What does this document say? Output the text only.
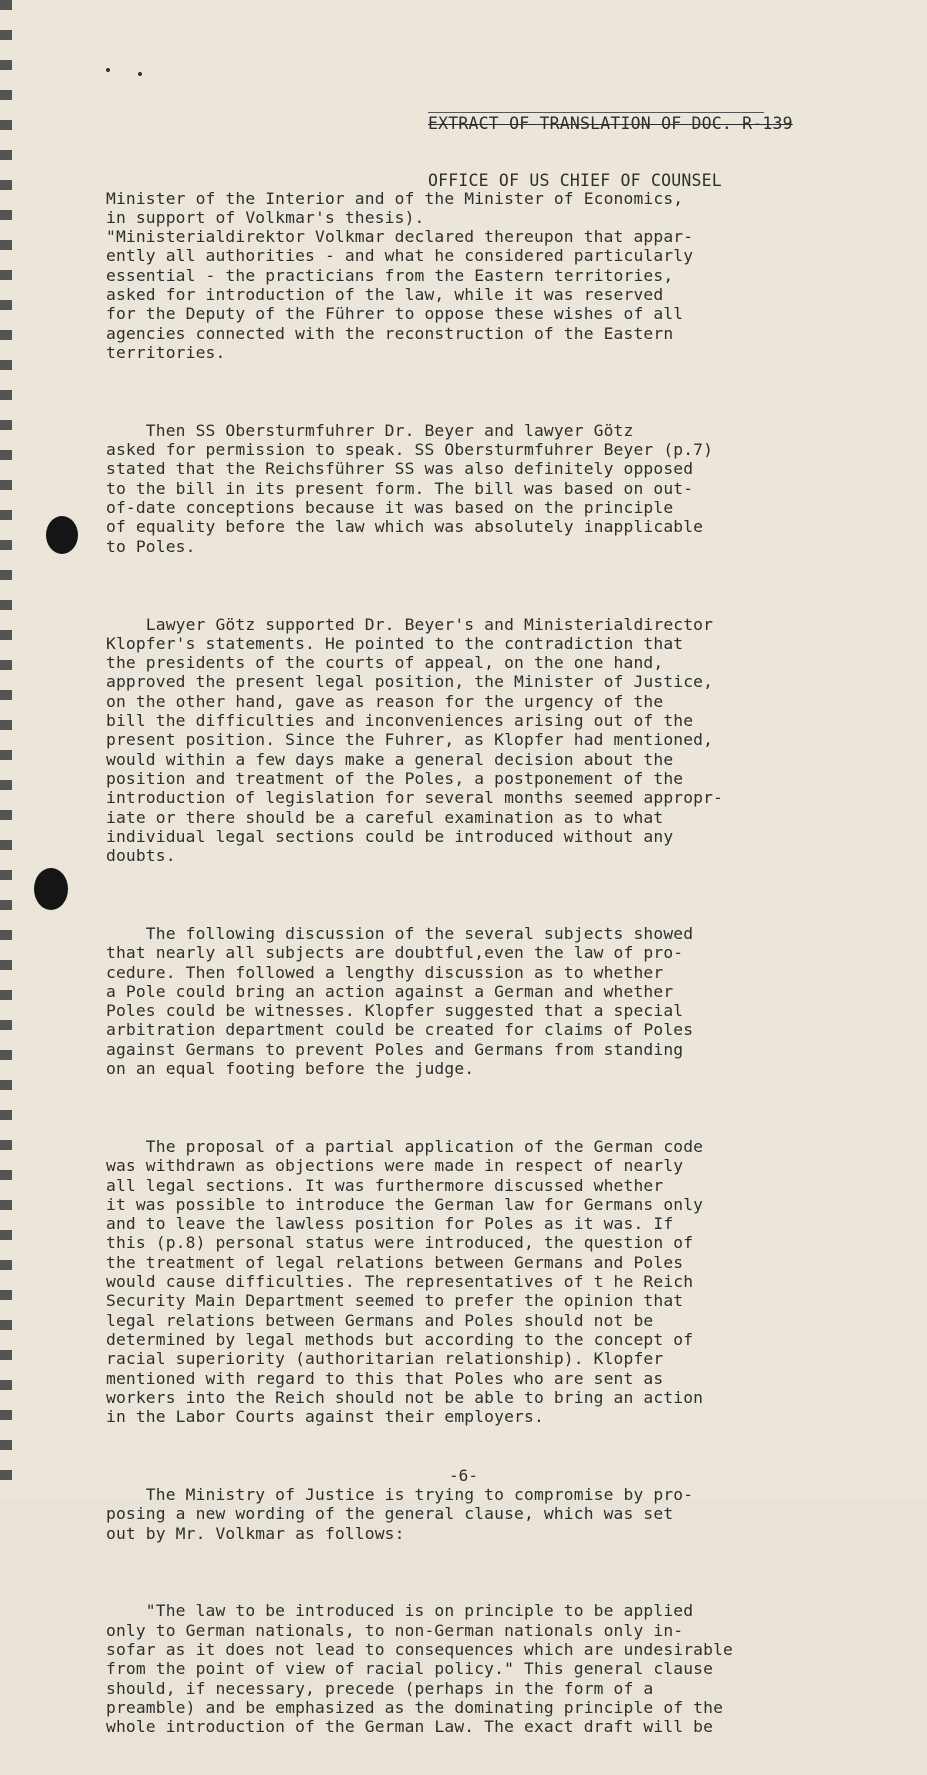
EXTRACT OF TRANSLATION OF DOC. R-139

OFFICE OF US CHIEF OF COUNSEL

Minister of the Interior and of the Minister of Economics,
in support of Volkmar's thesis).
"Ministerialdirektor Volkmar declared thereupon that appar-
ently all authorities - and what he considered particularly
essential - the practicians from the Eastern territories,
asked for introduction of the law, while it was reserved
for the Deputy of the Führer to oppose these wishes of all
agencies connected with the reconstruction of the Eastern
territories.

Then SS Obersturmfuhrer Dr. Beyer and lawyer Götz
asked for permission to speak. SS Obersturmfuhrer Beyer (p.7)
stated that the Reichsführer SS was also definitely opposed
to the bill in its present form. The bill was based on out-
of-date conceptions because it was based on the principle
of equality before the law which was absolutely inapplicable
to Poles.

Lawyer Götz supported Dr. Beyer's and Ministerialdirector
Klopfer's statements. He pointed to the contradiction that
the presidents of the courts of appeal, on the one hand,
approved the present legal position, the Minister of Justice,
on the other hand, gave as reason for the urgency of the
bill the difficulties and inconveniences arising out of the
present position. Since the Fuhrer, as Klopfer had mentioned,
would within a few days make a general decision about the
position and treatment of the Poles, a postponement of the
introduction of legislation for several months seemed appropr-
iate or there should be a careful examination as to what
individual legal sections could be introduced without any
doubts.

The following discussion of the several subjects showed
that nearly all subjects are doubtful,even the law of pro-
cedure. Then followed a lengthy discussion as to whether
a Pole could bring an action against a German and whether
Poles could be witnesses. Klopfer suggested that a special
arbitration department could be created for claims of Poles
against Germans to prevent Poles and Germans from standing
on an equal footing before the judge.

The proposal of a partial application of the German code
was withdrawn as objections were made in respect of nearly
all legal sections. It was furthermore discussed whether
it was possible to introduce the German law for Germans only
and to leave the lawless position for Poles as it was. If
this (p.8) personal status were introduced, the question of
the treatment of legal relations between Germans and Poles
would cause difficulties. The representatives of t he Reich
Security Main Department seemed to prefer the opinion that
legal relations between Germans and Poles should not be
determined by legal methods but according to the concept of
racial superiority (authoritarian relationship). Klopfer
mentioned with regard to this that Poles who are sent as
workers into the Reich should not be able to bring an action
in the Labor Courts against their employers.

The Ministry of Justice is trying to compromise by pro-
posing a new wording of the general clause, which was set
out by Mr. Volkmar as follows:

"The law to be introduced is on principle to be applied
only to German nationals, to non-German nationals only in-
sofar as it does not lead to consequences which are undesirable
from the point of view of racial policy." This general clause
should, if necessary, precede (perhaps in the form of a
preamble) and be emphasized as the dominating principle of the
whole introduction of the German Law. The exact draft will be

-6-
